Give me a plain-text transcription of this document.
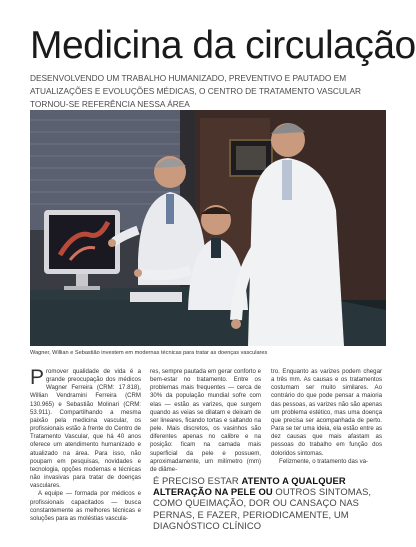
Medicina da circulação

DESENVOLVENDO UM TRABALHO HUMANIZADO, PREVENTIVO E PAUTADO EM ATUALIZAÇÕES E EVOLUÇÕES MÉDICAS, O CENTRO DE TRATAMENTO VASCULAR TORNOU-SE REFERÊNCIA NESSA ÁREA

Wagner, Willian e Sebastião investem em modernas técnicas para tratar as doenças vasculares

Promover qualidade de vida é a grande preocupação dos médicos Wagner Ferreira (CRM: 17.818), Willian Vendramini Ferreira (CRM 130.965) e Sebastião Molinari (CRM: 53.911). Compartilhando a mesma paixão pela medicina vascular, os profissionais estão à frente do Centro de Tratamento Vascular, que há 40 anos oferece um atendimento humanizado e atualizado na área. Para isso, não poupam em pesquisas, novidades e tecnologia, opções modernas e técnicas não invasivas para tratar de doenças vasculares.

A equipe — formada por médicos e profissionais capacitados — busca constantemente as melhores técnicas e soluções para as moléstias vascula-

res, sempre pautada em gerar conforto e bem-estar no tratamento. Entre os problemas mais frequentes — cerca de 30% da população mundial sofre com elas — estão as varizes, que surgem quando as veias se dilatam e deixam de ser lineares, ficando tortas e saltando na pele. Mais discretos, os vasinhos são diferentes apenas no calibre e na posição: ficam na camada mais superficial da pele e possuem, aproximadamente, um milímetro (mm) de diâme-

tro. Enquanto as varizes podem chegar a três mm. As causas e os tratamentos costumam ser muito similares. Ao contrário do que pode pensar a maioria das pessoas, as varizes não são apenas um problema estético, mas uma doença que precisa ser acompanhada de perto. Para se ter uma ideia, ela estão entre as dez causas que mais afastam as pessoas do trabalho em função dos doloridos sintomas.

Felizmente, o tratamento das va-

É PRECISO ESTAR ATENTO A QUALQUER ALTERAÇÃO NA PELE OU OUTROS SINTOMAS, COMO QUEIMAÇÃO, DOR OU CANSAÇO NAS PERNAS, E FAZER, PERIODICAMENTE, UM DIAGNÓSTICO CLÍNICO
